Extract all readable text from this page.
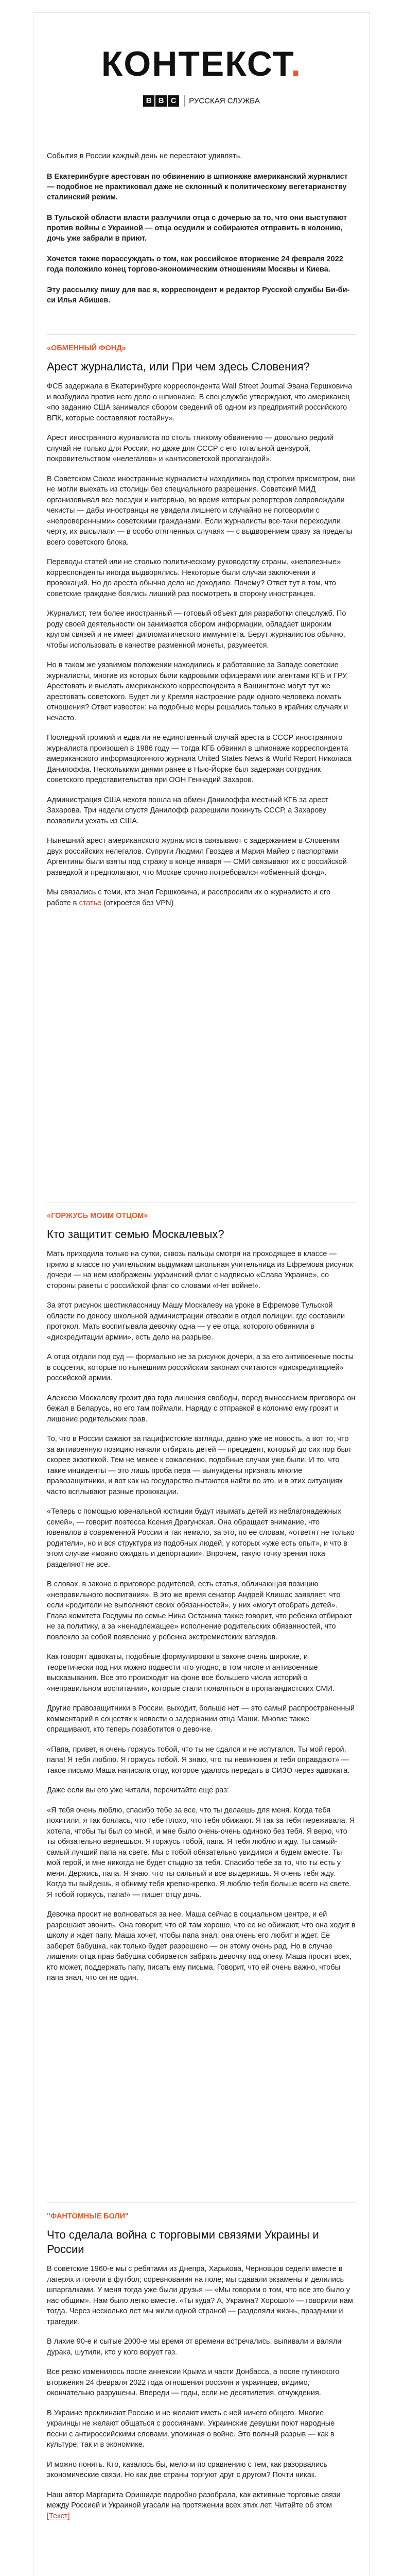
КОНТЕКСТ.
B B C РУССКАЯ СЛУЖБА

События в России каждый день не перестают удивлять.

В Екатеринбурге арестован по обвинению в шпионаже американский журналист — подобное не практиковал даже не склонный к политическому вегетарианству сталинский режим.

В Тульской области власти разлучили отца с дочерью за то, что они выступают против войны с Украиной — отца осудили и собираются отправить в колонию, дочь уже забрали в приют.

Хочется также порассуждать о том, как российское вторжение 24 февраля 2022 года положило конец торгово-экономическим отношениям Москвы и Киева.

Эту рассылку пишу для вас я, корреспондент и редактор Русской службы Би-би-си Илья Абишев.

«ОБМЕННЫЙ ФОНД»
Арест журналиста, или При чем здесь Словения?

ФСБ задержала в Екатеринбурге корреспондента Wall Street Journal Эвана Гершковича и возбудила против него дело о шпионаже. В спецслужбе утверждают, что американец «по заданию США занимался сбором сведений об одном из предприятий российского ВПК, которые составляют гостайну».

Арест иностранного журналиста по столь тяжкому обвинению — довольно редкий случай не только для России, но даже для СССР с его тотальной цензурой, покровительством «нелегалов» и «антисоветской пропагандой».

В Советском Союзе иностранные журналисты находились под строгим присмотром, они не могли выехать из столицы без специального разрешения. Советский МИД организовывал все поездки и интервью, во время которых репортеров сопровождали чекисты — дабы иностранцы не увидели лишнего и случайно не поговорили с «непроверенными» советскими гражданами. Если журналисты все-таки переходили черту, их высылали — в особо отягченных случаях — с выдворением сразу за пределы всего советского блока.

Переводы статей или не столько политическому руководству страны, «неполезные» корреспонденты иногда выдворялись. Некоторые были случаи заключения и провокаций. Но до ареста обычно дело не доходило. Почему? Ответ тут в том, что советские граждане боялись лишний раз посмотреть в сторону иностранцев.

Журналист, тем более иностранный — готовый объект для разработки спецслужб. По роду своей деятельности он занимается сбором информации, обладает широким кругом связей и не имеет дипломатического иммунитета. Берут журналистов обычно, чтобы использовать в качестве разменной монеты, разумеется.

Но в таком же уязвимом положении находились и работавшие за Западе советские журналисты, многие из которых были кадровыми офицерами или агентами КГБ и ГРУ. Арестовать и выслать американского корреспондента в Вашингтоне могут тут же арестовать советского. Будет ли у Кремля настроение ради одного человека ломать отношения? Ответ известен: на подобные меры решались только в крайних случаях и нечасто.

Последний громкий и едва ли не единственный случай ареста в СССР иностранного журналиста произошел в 1986 году — тогда КГБ обвинил в шпионаже корреспондента американского информационного журнала United States News & World Report Николаса Данилоффа. Несколькими днями ранее в Нью-Йорке был задержан сотрудник советского представительства при ООН Геннадий Захаров.

Администрация США нехотя пошла на обмен Данилоффа местный КГБ за арест Захарова. Три недели спустя Данилофф разрешили покинуть СССР, а Захарову позволили уехать из США.

Нынешний арест американского журналиста связывают с задержанием в Словении двух российских нелегалов. Супруги Людмил Гвоздев и Мария Майер с паспортами Аргентины были взяты под стражу в конце января — СМИ связывают их с российской разведкой и предполагают, что Москве срочно потребовался «обменный фонд».

Мы связались с теми, кто знал Гершковича, и расспросили их о журналисте и его работе в статье (откроется без VPN)

«ГОРЖУСЬ МОИМ ОТЦОМ»
Кто защитит семью Москалевых?

Мать приходила только на сутки, сквозь пальцы смотря на проходящее в классе — прямо в классе по учительским выдумкам школьная учительница из Ефремова рисунок дочери — на нем изображены украинский флаг с надписью «Слава Украине», со стороны ракеты с российской флаг со словами «Нет войне!».

За этот рисунок шестиклассницу Машу Москалеву на уроке в Ефремове Тульской области по доносу школьной администрации отвезли в отдел полиции, где составили протокол. Мать воспитывала девочку одна — у ее отца, которого обвинили в «дискредитации армии», есть дело на разрыве.

А отца отдали под суд — формально не за рисунок дочери, а за его антивоенные посты в соцсетях, которые по нынешним российским законам считаются «дискредитацией» российской армии.

Алексею Москалеву грозит два года лишения свободы, перед вынесением приговора он бежал в Беларусь, но его там поймали. Наряду с отправкой в колонию ему грозит и лишение родительских прав.

То, что в России сажают за пацифистские взгляды, давно уже не новость, а вот то, что за антивоенную позицию начали отбирать детей — прецедент, который до сих пор был скорее экзотикой. Тем не менее к сожалению, подобные случаи уже были. И то, что такие инциденты — это лишь проба пера — вынуждены признать многие правозащитники, и вот как на государство пытаются найти по это, и в этих ситуациях часто всплывают разные провокации.

«Теперь с помощью ювенальной юстиции будут изымать детей из неблагонадежных семей», — говорит поэтесса Ксения Драгунская. Она обращает внимание, что ювеналов в современной России и так немало, за это, по ее словам, «ответят не только родители», но и вся структура из подобных людей, у которых «уже есть опыт», и что в этом случае «можно ожидать и депортации». Впрочем, такую точку зрения пока разделяют не все.

В словах, в законе о приговоре родителей, есть статья, обличающая позицию «неправильного воспитания». В это же время сенатор Андрей Клишас заявляет, что если «родители не выполняют своих обязанностей», у них «могут отобрать детей». Глава комитета Госдумы по семье Нина Останина также говорит, что ребенка отбирают не за политику, а за «ненадлежащее» исполнение родительских обязанностей, что повлекло за собой появление у ребенка экстремистских взглядов.

Как говорят адвокаты, подобные формулировки в законе очень широкие, и теоретически под них можно подвести что угодно, в том числе и антивоенные высказывания. Все это происходит на фоне все большего числа историй о «неправильном воспитании», которые стали появляться в пропагандистских СМИ.

Другие правозащитники в России, выходит, больше нет — это самый распространенный комментарий в соцсетях к новости о задержании отца Маши. Многие также спрашивают, кто теперь позаботится о девочке.

«Папа, привет, я очень горжусь тобой, что ты не сдался и не испугался. Ты мой герой, папа! Я тебя люблю. Я горжусь тобой. Я знаю, что ты невиновен и тебя оправдают» — такое письмо Маша написала отцу, которое удалось передать в СИЗО через адвоката.

Даже если вы его уже читали, перечитайте еще раз:

«Я тебя очень люблю, спасибо тебе за все, что ты делаешь для меня. Когда тебя похитили, я так боялась, что тебе плохо, что тебя обижают. Я так за тебя переживала. Я хотела, чтобы ты был со мной, и мне было очень-очень одиноко без тебя. Я верю, что ты обязательно вернешься. Я горжусь тобой, папа. Я тебя люблю и жду. Ты самый-самый лучший папа на свете. Мы с тобой обязательно увидимся и будем вместе. Ты мой герой, и мне никогда не будет стыдно за тебя. Спасибо тебе за то, что ты есть у меня. Держись, папа. Я знаю, что ты сильный и все выдержишь. Я очень тебя жду. Когда ты выйдешь, я обниму тебя крепко-крепко. Я люблю тебя больше всего на свете. Я тобой горжусь, папа!» — пишет отцу дочь.

Девочка просит не волноваться за нее. Маша сейчас в социальном центре, и ей разрешают звонить. Она говорит, что ей там хорошо, что ее не обижают, что она ходит в школу и ждет папу. Маша хочет, чтобы папа знал: она очень его любит и ждет. Ее заберет бабушка, как только будет разрешено — он этому очень рад. Но в случае лишения отца прав бабушка собирается забрать девочку под опеку. Маша просит всех, кто может, поддержать папу, писать ему письма. Говорит, что ей очень важно, чтобы папа знал, что он не один.

"ФАНТОМНЫЕ БОЛИ"
Что сделала война с торговыми связями Украины и России

В советские 1960-е мы с ребятами из Днепра, Харькова, Черновцов седели вместе в лагерях и гоняли в футбол; соревнования на поле; мы сдавали экзамены и делились шпаргалками. У меня тогда уже были друзья — «Мы говорим о том, что все это было у нас общим». Нам было легко вместе. «Ты куда? А, Украина? Хорошо!» — говорили нам тогда. Через несколько лет мы жили одной страной — разделяли жизнь, праздники и трагедии.

В лихие 90-е и сытые 2000-е мы время от времени встречались, выпивали и валяли дурака, шутили, кто у кого ворует газ.

Все резко изменилось после аннексии Крыма и части Донбасса, а после путинского вторжения 24 февраля 2022 года отношения россиян и украинцев, видимо, окончательно разрушены. Впереди — годы, если не десятилетия, отчуждения.

В Украине проклинают Россию и не желают иметь с ней ничего общего. Многие украинцы не желают общаться с россиянами. Украинские девушки поют народные песни с антироссийскими словами, упоминая о войне. Это полный разрыв — как в культуре, так и в экономике.

И можно понять. Кто, казалось бы, мелочи по сравнению с тем, как разорвались экономические связи. Но как две страны торгуют друг с другом? Почти никак.

Наш автор Маргарита Оришидзе подробно разобрала, как активные торговые связи между Россией и Украиной угасали на протяжении всех этих лет. Читайте об этом [Текст]
